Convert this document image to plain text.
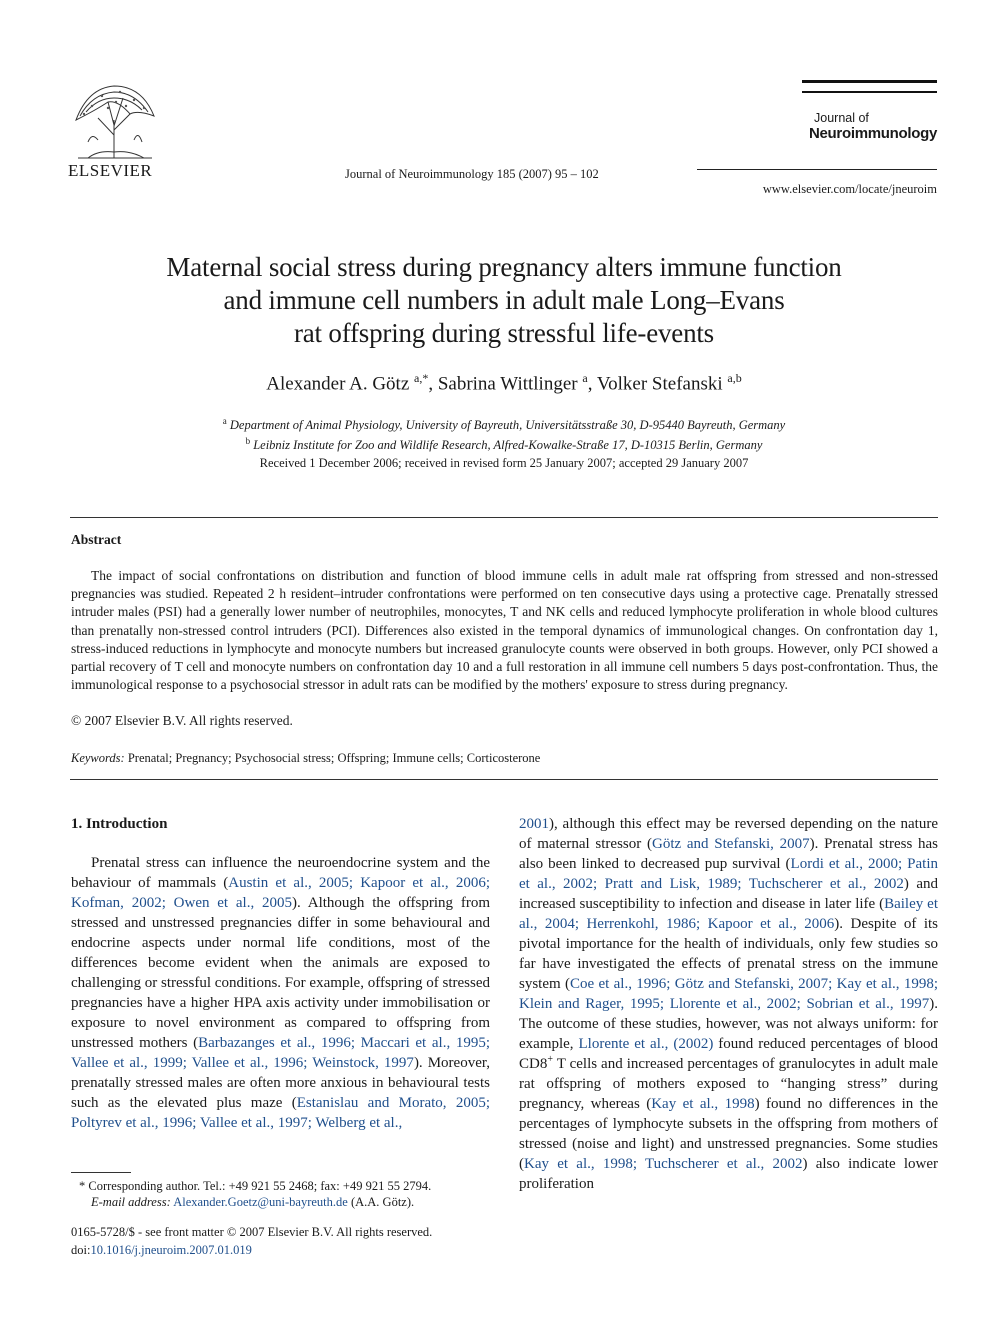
ELSEVIER	Journal of Neuroimmunology 185 (2007) 95 – 102
Journal of
Neuroimmunology
www.elsevier.com/locate/jneuroim
Maternal social stress during pregnancy alters immune function
and immune cell numbers in adult male Long–Evans
rat offspring during stressful life-events
Alexander A. Götz $^{a,*}$, Sabrina Wittlinger $^a$, Volker Stefanski $^{a,b}$
$^a$ Department of Animal Physiology, University of Bayreuth, Universitätsstraße 30, D-95440 Bayreuth, Germany
$^b$ Leibniz Institute for Zoo and Wildlife Research, Alfred-Kowalke-Straße 17, D-10315 Berlin, Germany
Received 1 December 2006; received in revised form 25 January 2007; accepted 29 January 2007
Abstract

The impact of social confrontations on distribution and function of blood immune cells in adult male rat offspring from stressed and non-stressed pregnancies was studied. Repeated 2 h resident–intruder confrontations were performed on ten consecutive days using a protective cage. Prenatally stressed intruder males (PSI) had a generally lower number of neutrophiles, monocytes, T and NK cells and reduced lymphocyte proliferation in whole blood cultures than prenatally non-stressed control intruders (PCI). Differences also existed in the temporal dynamics of immunological changes. On confrontation day 1, stress-induced reductions in lymphocyte and monocyte numbers but increased granulocyte counts were observed in both groups. However, only PCI showed a partial recovery of T cell and monocyte numbers on confrontation day 10 and a full restoration in all immune cell numbers 5 days post-confrontation. Thus, the immunological response to a psychosocial stressor in adult rats can be modified by the mothers' exposure to stress during pregnancy.

© 2007 Elsevier B.V. All rights reserved.
Keywords: Prenatal; Pregnancy; Psychosocial stress; Offspring; Immune cells; Corticosterone

1. Introduction

Prenatal stress can influence the neuroendocrine system and the behaviour of mammals (Austin et al., 2005; Kapoor et al., 2006; Kofman, 2002; Owen et al., 2005). Although the offspring from stressed and unstressed pregnancies differ in some behavioural and endocrine aspects under normal life conditions, most of the differences become evident when the animals are exposed to challenging or stressful conditions. For example, offspring of stressed pregnancies have a higher HPA axis activity under immobilisation or exposure to novel environment as compared to offspring from unstressed mothers (Barbazanges et al., 1996; Maccari et al., 1995; Vallee et al., 1999; Vallee et al., 1996; Weinstock, 1997). Moreover, prenatally stressed males are often more anxious in behavioural tests such as the elevated plus maze (Estanislau and Morato, 2005; Poltyrev et al., 1996; Vallee et al., 1997; Welberg et al.,

2001), although this effect may be reversed depending on the nature of maternal stressor (Götz and Stefanski, 2007). Prenatal stress has also been linked to decreased pup survival (Lordi et al., 2000; Patin et al., 2002; Pratt and Lisk, 1989; Tuchscherer et al., 2002) and increased susceptibility to infection and disease in later life (Bailey et al., 2004; Herrenkohl, 1986; Kapoor et al., 2006). Despite of its pivotal importance for the health of individuals, only few studies so far have investigated the effects of prenatal stress on the immune system (Coe et al., 1996; Götz and Stefanski, 2007; Kay et al., 1998; Klein and Rager, 1995; Llorente et al., 2002; Sobrian et al., 1997). The outcome of these studies, however, was not always uniform: for example, Llorente et al., (2002) found reduced percentages of blood CD8+ T cells and increased percentages of granulocytes in adult male rat offspring of mothers exposed to “hanging stress” during pregnancy, whereas (Kay et al., 1998) found no differences in the percentages of lymphocyte subsets in the offspring from mothers of stressed (noise and light) and unstressed pregnancies. Some studies (Kay et al., 1998; Tuchscherer et al., 2002) also indicate lower proliferation

* Corresponding author. Tel.: +49 921 55 2468; fax: +49 921 55 2794.
E-mail address: Alexander.Goetz@uni-bayreuth.de (A.A. Götz).
0165-5728/$ - see front matter © 2007 Elsevier B.V. All rights reserved.
doi:10.1016/j.jneuroim.2007.01.019
